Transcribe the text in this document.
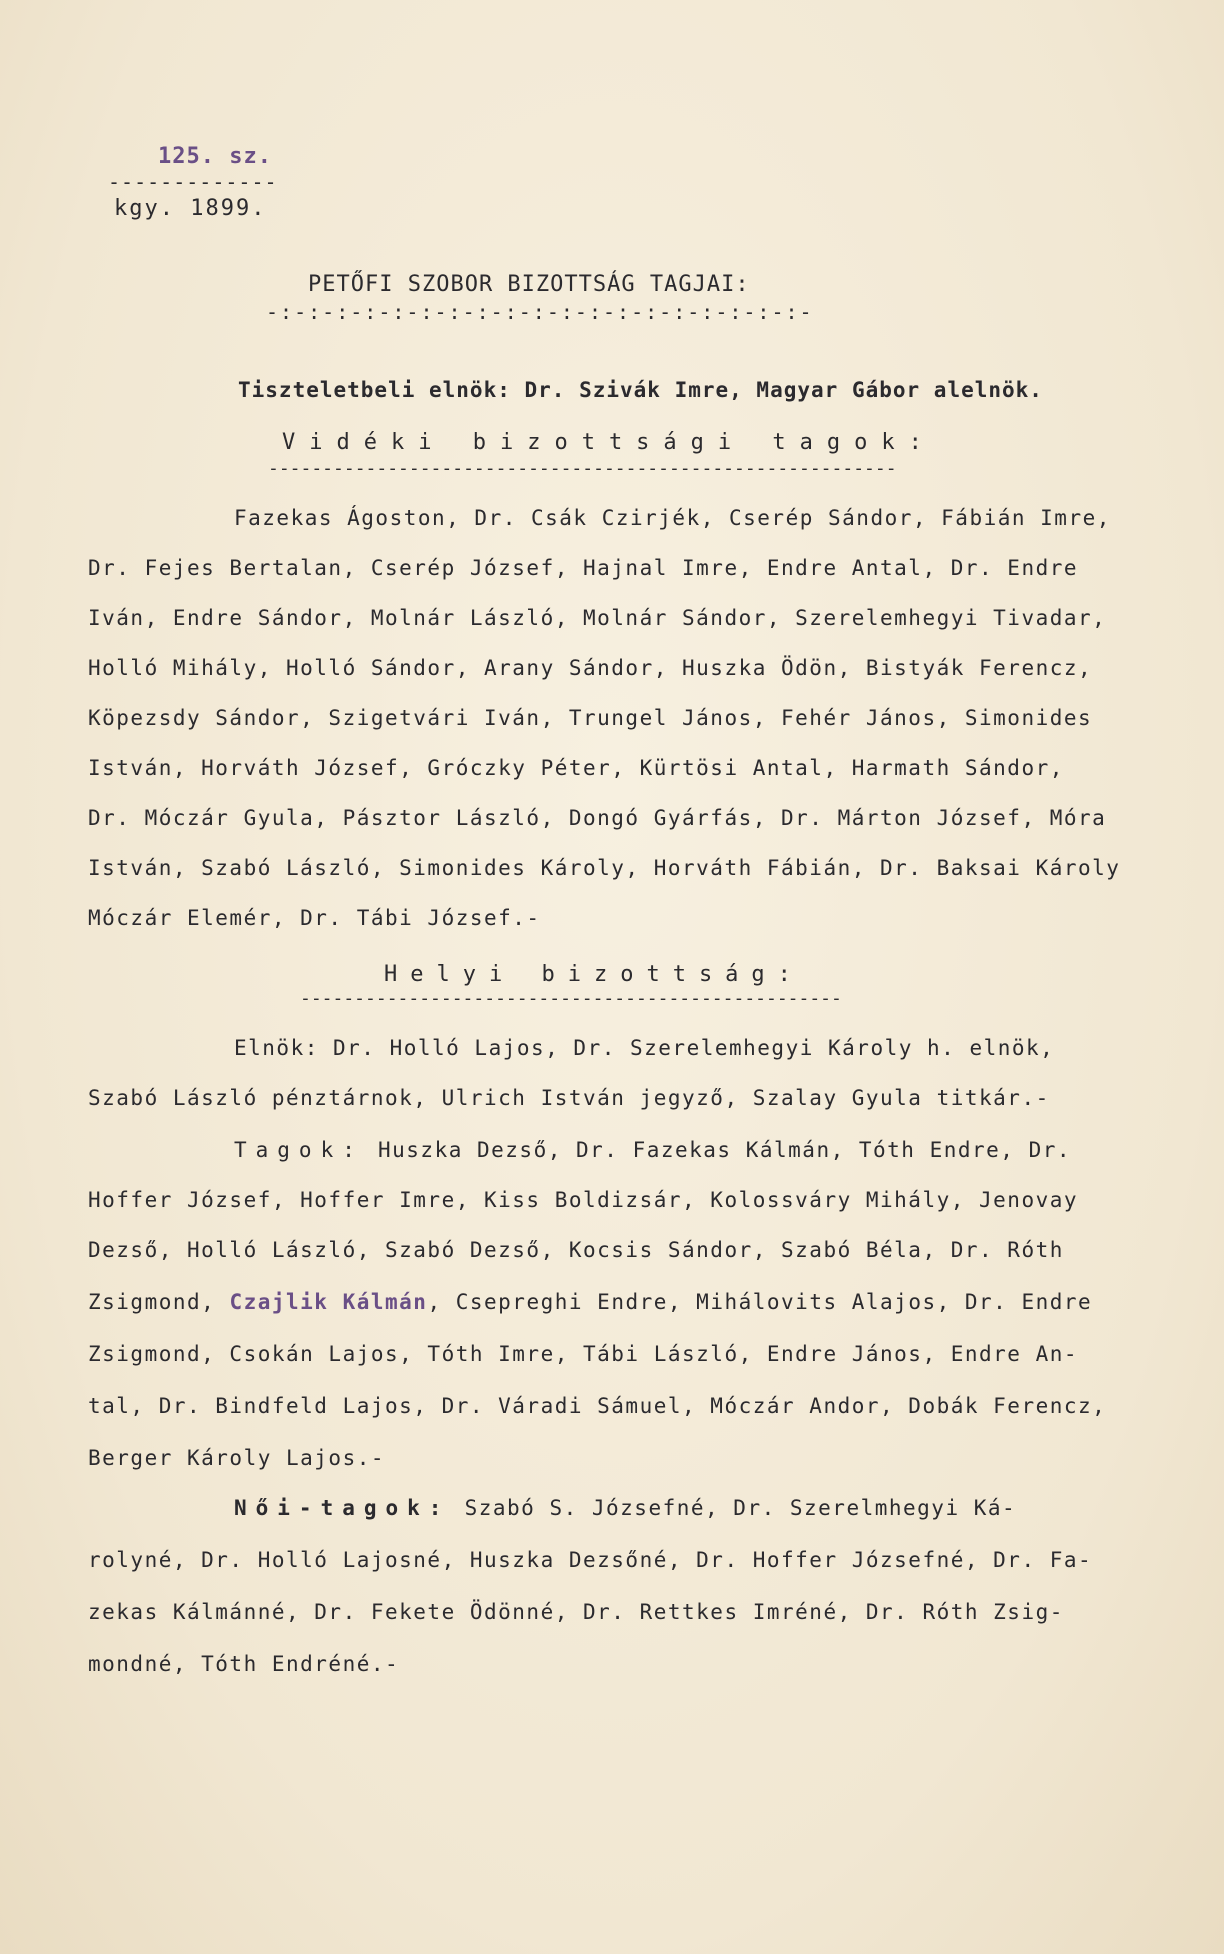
125. sz.
-------------
kgy. 1899.
PETŐFI SZOBOR BIZOTTSÁG TAGJAI:
-:-:-:-:-:-:-:-:-:-:-:-:-:-:-:-:-:-:-:-
Tiszteletbeli elnök: Dr. Szivák Imre, Magyar Gábor alelnök.
Vidéki bizottsági tagok:
----------------------------------------------------------
Fazekas Ágoston, Dr. Csák Czirjék, Cserép Sándor, Fábián Imre,
Dr. Fejes Bertalan, Cserép József, Hajnal Imre, Endre Antal, Dr. Endre
Iván, Endre Sándor, Molnár László, Molnár Sándor, Szerelemhegyi Tivadar,
Holló Mihály, Holló Sándor, Arany Sándor, Huszka Ödön, Bistyák Ferencz,
Köpezsdy Sándor, Szigetvári Iván, Trungel János, Fehér János, Simonides
István, Horváth József, Gróczky Péter, Kürtösi Antal, Harmath Sándor,
Dr. Móczár Gyula, Pásztor László, Dongó Gyárfás, Dr. Márton József, Móra
István, Szabó László, Simonides Károly, Horváth Fábián, Dr. Baksai Károly
Móczár Elemér, Dr. Tábi József.-
Helyi bizottság:
--------------------------------------------------
Elnök: Dr. Holló Lajos, Dr. Szerelemhegyi Károly h. elnök,
Szabó László pénztárnok, Ulrich István jegyző, Szalay Gyula titkár.-
Tagok: Huszka Dezső, Dr. Fazekas Kálmán, Tóth Endre, Dr.
Hoffer József, Hoffer Imre, Kiss Boldizsár, Kolossváry Mihály, Jenovay
Dezső, Holló László, Szabó Dezső, Kocsis Sándor, Szabó Béla, Dr. Róth
Zsigmond, Czajlik Kálmán, Csepreghi Endre, Mihálovits Alajos, Dr. Endre
Zsigmond, Csokán Lajos, Tóth Imre, Tábi László, Endre János, Endre An-
tal, Dr. Bindfeld Lajos, Dr. Váradi Sámuel, Móczár Andor, Dobák Ferencz,
Berger Károly Lajos.-
Női-tagok: Szabó S. Józsefné, Dr. Szerelmhegyi Ká-
rolyné, Dr. Holló Lajosné, Huszka Dezsőné, Dr. Hoffer Józsefné, Dr. Fa-
zekas Kálmánné, Dr. Fekete Ödönné, Dr. Rettkes Imréné, Dr. Róth Zsig-
mondné, Tóth Endréné.-
